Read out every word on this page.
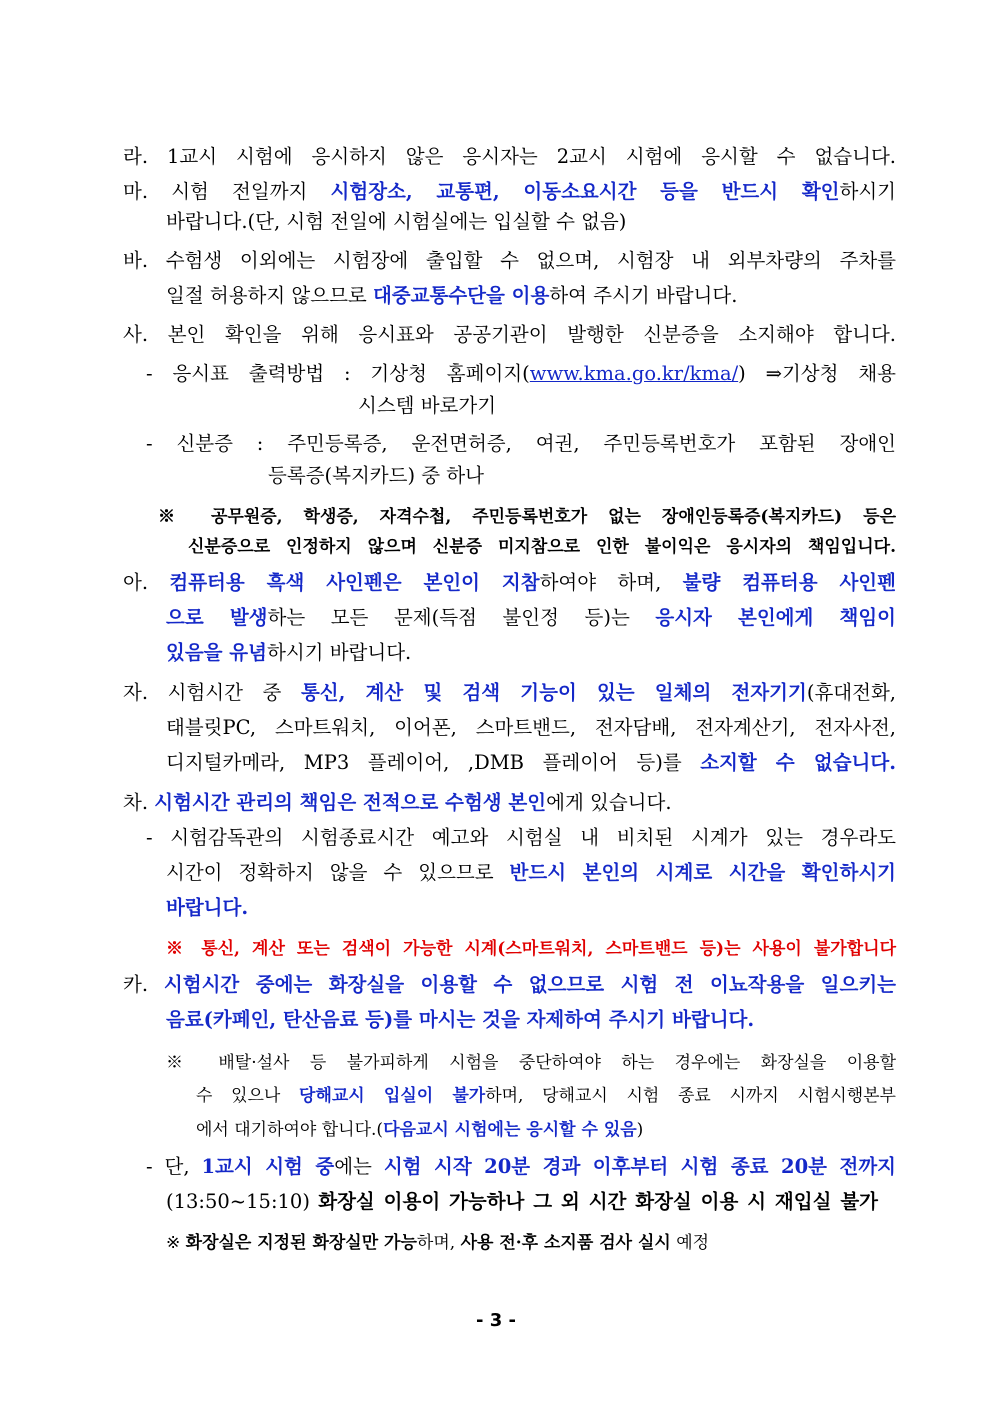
라. 1교시 시험에 응시하지 않은 응시자는 2교시 시험에 응시할 수 없습니다.
마. 시험 전일까지 시험장소, 교통편, 이동소요시간 등을 반드시 확인하시기
바랍니다.(단, 시험 전일에 시험실에는 입실할 수 없음)
바. 수험생 이외에는 시험장에 출입할 수 없으며, 시험장 내 외부차량의 주차를
일절 허용하지 않으므로 대중교통수단을 이용하여 주시기 바랍니다.
사. 본인 확인을 위해 응시표와 공공기관이 발행한 신분증을 소지해야 합니다.
- 응시표 출력방법 : 기상청 홈페이지(www.kma.go.kr/kma/) ⇒기상청 채용
시스템 바로가기
- 신분증 : 주민등록증, 운전면허증, 여권, 주민등록번호가 포함된 장애인
등록증(복지카드) 중 하나
※ 공무원증, 학생증, 자격수첩, 주민등록번호가 없는 장애인등록증(복지카드) 등은
신분증으로 인정하지 않으며 신분증 미지참으로 인한 불이익은 응시자의 책임입니다.
아. 컴퓨터용 흑색 사인펜은 본인이 지참하여야 하며, 불량 컴퓨터용 사인펜
으로 발생하는 모든 문제(득점 불인정 등)는 응시자 본인에게 책임이
있음을 유념하시기 바랍니다.
자. 시험시간 중 통신, 계산 및 검색 기능이 있는 일체의 전자기기(휴대전화,
태블릿PC, 스마트워치, 이어폰, 스마트밴드, 전자담배, 전자계산기, 전자사전,
디지털카메라, MP3 플레이어, ,DMB 플레이어 등)를 소지할 수 없습니다.
차. 시험시간 관리의 책임은 전적으로 수험생 본인에게 있습니다.
- 시험감독관의 시험종료시간 예고와 시험실 내 비치된 시계가 있는 경우라도
시간이 정확하지 않을 수 있으므로 반드시 본인의 시계로 시간을 확인하시기
바랍니다.
※ 통신, 계산 또는 검색이 가능한 시계(스마트워치, 스마트밴드 등)는 사용이 불가합니다
카. 시험시간 중에는 화장실을 이용할 수 없으므로 시험 전 이뇨작용을 일으키는
음료(카페인, 탄산음료 등)를 마시는 것을 자제하여 주시기 바랍니다.
※ 배탈·설사 등 불가피하게 시험을 중단하여야 하는 경우에는 화장실을 이용할
수 있으나 당해교시 입실이 불가하며, 당해교시 시험 종료 시까지 시험시행본부
에서 대기하여야 합니다.(다음교시 시험에는 응시할 수 있음)
- 단, 1교시 시험 중에는 시험 시작 20분 경과 이후부터 시험 종료 20분 전까지
(13:50~15:10) 화장실 이용이 가능하나 그 외 시간 화장실 이용 시 재입실 불가
※ 화장실은 지정된 화장실만 가능하며, 사용 전·후 소지품 검사 실시 예정
- 3 -
